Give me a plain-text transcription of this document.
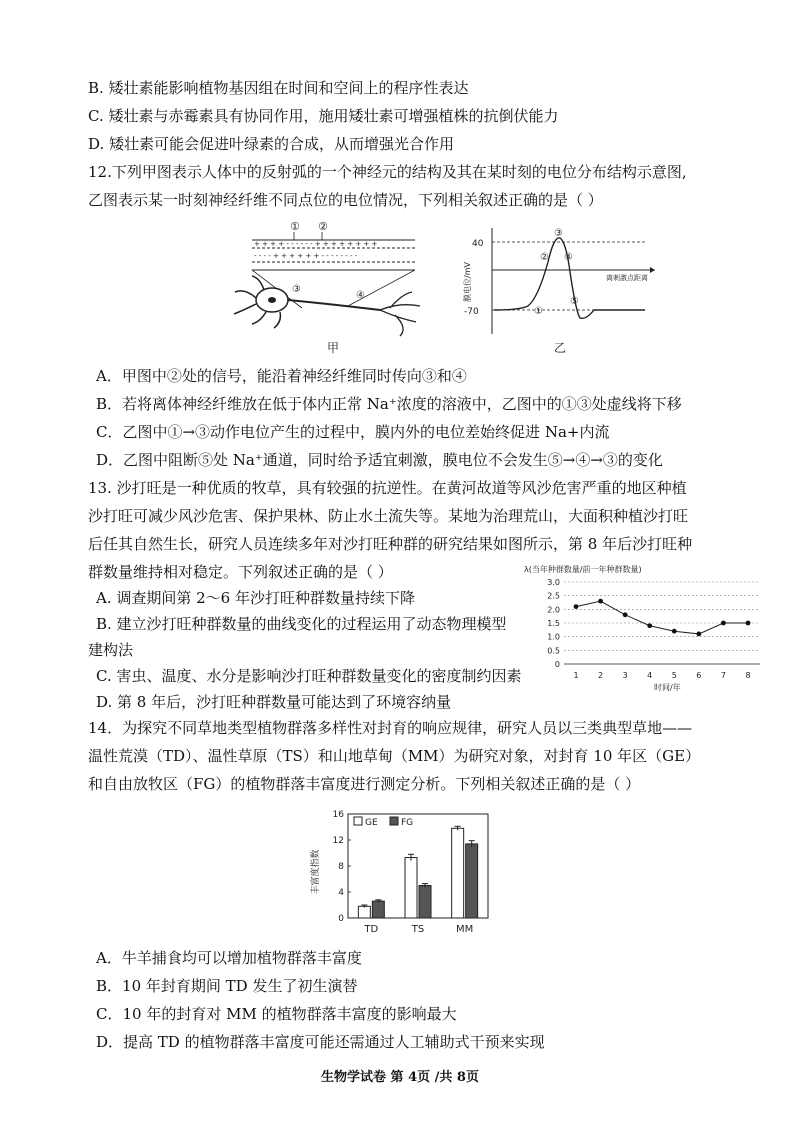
B. 矮壮素能影响植物基因组在时间和空间上的程序性表达
C. 矮壮素与赤霉素具有协同作用，施用矮壮素可增强植株的抗倒伏能力
D. 矮壮素可能会促进叶绿素的合成，从而增强光合作用
12.下列甲图表示人体中的反射弧的一个神经元的结构及其在某时刻的电位分布结构示意图,
乙图表示某一时刻神经纤维不同点位的电位情况，下列相关叙述正确的是（ ）
+ + + + - - - - - - + + + + + + + +
- - - - + + + + + + - - - - - - - -
① ②
③
④
甲
40
-70
膜电位/mV	离刺激点距离
①
②
③
④
⑤
乙
A．甲图中②处的信号，能沿着神经纤维同时传向③和④
B．若将离体神经纤维放在低于体内正常 Na⁺浓度的溶液中，乙图中的①③处虚线将下移
C．乙图中①→③动作电位产生的过程中，膜内外的电位差始终促进 Na+内流
D．乙图中阻断⑤处 Na⁺通道，同时给予适宜刺激，膜电位不会发生⑤→④→③的变化
13. 沙打旺是一种优质的牧草，具有较强的抗逆性。在黄河故道等风沙危害严重的地区种植
沙打旺可减少风沙危害、保护果林、防止水土流失等。某地为治理荒山，大面积种植沙打旺
后任其自然生长，研究人员连续多年对沙打旺种群的研究结果如图所示，第 8 年后沙打旺种
群数量维持相对稳定。下列叙述正确的是（ ）
A. 调查期间第 2～6 年沙打旺种群数量持续下降
B. 建立沙打旺种群数量的曲线变化的过程运用了动态物理模型
建构法
C. 害虫、温度、水分是影响沙打旺种群数量变化的密度制约因素
D. 第 8 年后，沙打旺种群数量可能达到了环境容纳量
λ(当年种群数量/前一年种群数量)
时间/年
0
0.5
1.0
1.5
2.0
2.5
3.0
1 2 3 4 5 6 7 8
14．为探究不同草地类型植物群落多样性对封育的响应规律，研究人员以三类典型草地——
温性荒漠（TD）、温性草原（TS）和山地草甸（MM）为研究对象，对封育 10 年区（GE）
和自由放牧区（FG）的植物群落丰富度进行测定分析。下列相关叙述正确的是（ ）
丰富度指数
0
4
8
12
16
TD	TS	MM
GE	FG
A．牛羊捕食均可以增加植物群落丰富度
B．10 年封育期间 TD 发生了初生演替
C．10 年的封育对 MM 的植物群落丰富度的影响最大
D．提高 TD 的植物群落丰富度可能还需通过人工辅助式干预来实现
生物学试卷 第 4页 /共 8页
